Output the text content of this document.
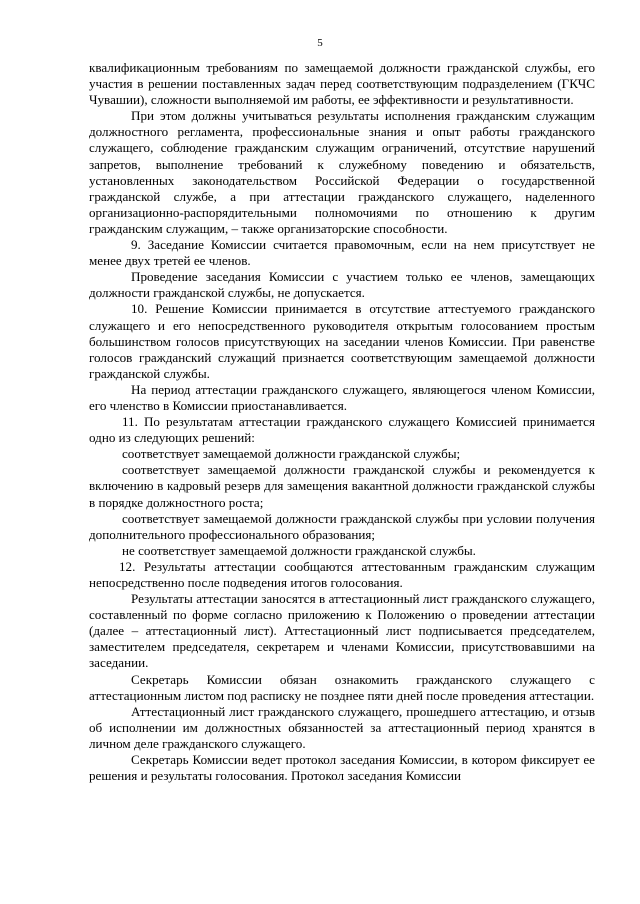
5

квалификационным требованиям по замещаемой должности гражданской службы, его участия в решении поставленных задач перед соответствующим подразделением (ГКЧС Чувашии), сложности выполняемой им работы, ее эффективности и результативности.

При этом должны учитываться результаты исполнения гражданским служащим должностного регламента, профессиональные знания и опыт работы гражданского служащего, соблюдение гражданским служащим ограничений, отсутствие нарушений запретов, выполнение требований к служебному поведению и обязательств, установленных законодательством Российской Федерации о государственной гражданской службе, а при аттестации гражданского служащего, наделенного организационно-распорядительными полномочиями по отношению к другим гражданским служащим, – также организаторские способности.

9. Заседание Комиссии считается правомочным, если на нем присутствует не менее двух третей ее членов.

Проведение заседания Комиссии с участием только ее членов, замещающих должности гражданской службы, не допускается.

10. Решение Комиссии принимается в отсутствие аттестуемого гражданского служащего и его непосредственного руководителя открытым голосованием простым большинством голосов присутствующих на заседании членов Комиссии. При равенстве голосов гражданский служащий признается соответствующим замещаемой должности гражданской службы.

На период аттестации гражданского служащего, являющегося членом Комиссии, его членство в Комиссии приостанавливается.

11. По результатам аттестации гражданского служащего Комиссией принимается одно из следующих решений:

соответствует замещаемой должности гражданской службы;

соответствует замещаемой должности гражданской службы и рекомендуется к включению в кадровый резерв для замещения вакантной должности гражданской службы в порядке должностного роста;

соответствует замещаемой должности гражданской службы при условии получения дополнительного профессионального образования;

не соответствует замещаемой должности гражданской службы.

12. Результаты аттестации сообщаются аттестованным гражданским служащим непосредственно после подведения итогов голосования.

Результаты аттестации заносятся в аттестационный лист гражданского служащего, составленный по форме согласно приложению к Положению о проведении аттестации (далее – аттестационный лист). Аттестационный лист подписывается председателем, заместителем председателя, секретарем и членами Комиссии, присутствовавшими на заседании.

Секретарь Комиссии обязан ознакомить гражданского служащего с аттестационным листом под расписку не позднее пяти дней после проведения аттестации.

Аттестационный лист гражданского служащего, прошедшего аттестацию, и отзыв об исполнении им должностных обязанностей за аттестационный период хранятся в личном деле гражданского служащего.

Секретарь Комиссии ведет протокол заседания Комиссии, в котором фиксирует ее решения и результаты голосования. Протокол заседания Комиссии
